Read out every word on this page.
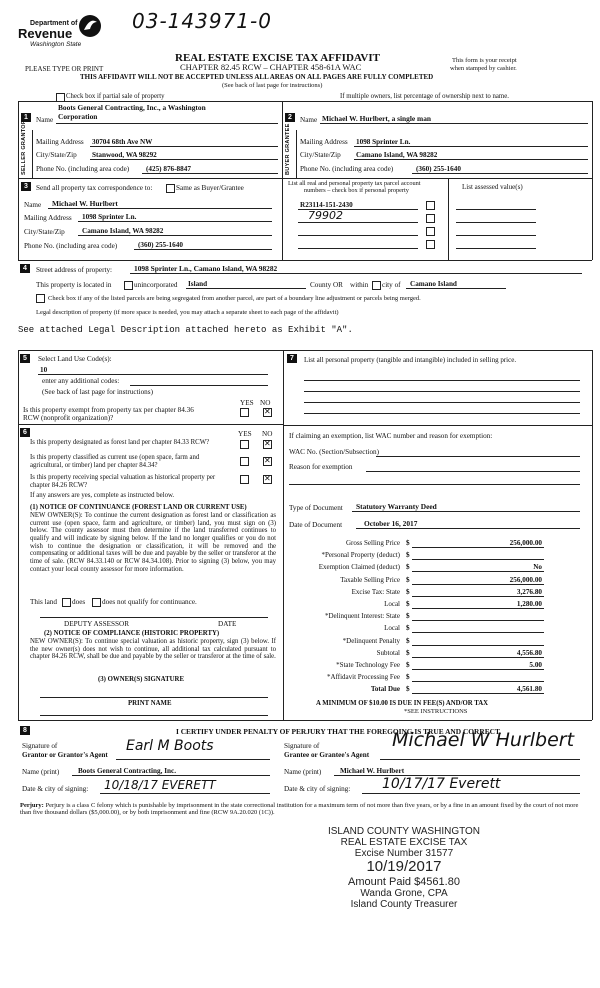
Department of
Revenue
Washington State
03-143971-0
REAL ESTATE EXCISE TAX AFFIDAVIT
CHAPTER 82.45 RCW – CHAPTER 458-61A WAC
PLEASE TYPE OR PRINT
This form is your receipt
when stamped by cashier.
THIS AFFIDAVIT WILL NOT BE ACCEPTED UNLESS ALL AREAS ON ALL PAGES ARE FULLY COMPLETED
(See back of last page for instructions)
Check box if partial sale of property	If multiple owners, list percentage of ownership next to name.
1	Name
Boots General Contracting, Inc., a Washington
Corporation
SELLER GRANTOR Mailing Address 30704 68th Ave NW
City/State/Zip Stanwood, WA 98292
Phone No. (including area code) (425) 876-8847
2	Name Michael W. Hurlbert, a single man
BUYER GRANTEE Mailing Address 1098 Sprinter Ln.
City/State/Zip Camano Island, WA 98282
Phone No. (including area code)	(360) 255-1640
3	Send all property tax correspondence to:	Same as Buyer/Grantee
Name Michael W. Hurlbert
Mailing Address 1098 Sprinter Ln.
City/State/Zip Camano Island, WA 98282
Phone No. (including area code)	(360) 255-1640
List all real and personal property tax parcel account
numbers – check box if personal property	List assessed value(s)
R23114-151-2430
79902
4	Street address of property:	1098 Sprinter Ln., Camano Island, WA 98282
This property is located in	unincorporated Island	County OR within city of Camano Island
Check box if any of the listed parcels are being segregated from another parcel, are part of a boundary line adjustment or parcels being merged.
Legal description of property (if more space is needed, you may attach a separate sheet to each page of the affidavit)
See attached Legal Description attached hereto as Exhibit "A".
5	Select Land Use Code(s):
10
enter any additional codes:
(See back of last page for instructions)
YES NO
Is this property exempt from property tax per chapter 84.36 RCW (nonprofit organization)?
✕
6	YES NO
Is this property designated as forest land per chapter 84.33 RCW?
✕
Is this property classified as current use (open space, farm and agricultural, or timber) land per chapter 84.34?
✕
Is this property receiving special valuation as historical property per chapter 84.26 RCW?
✕
If any answers are yes, complete as instructed below.
(1) NOTICE OF CONTINUANCE (FOREST LAND OR CURRENT USE)
NEW OWNER(S): To continue the current designation as forest land or classification as current use (open space, farm and agriculture, or timber) land, you must sign on (3) below. The county assessor must then determine if the land transferred continues to qualify and will indicate by signing below. If the land no longer qualifies or you do not wish to continue the designation or classification, it will be removed and the compensating or additional taxes will be due and payable by the seller or transferor at the time of sale. (RCW 84.33.140 or RCW 84.34.108). Prior to signing (3) below, you may contact your local county assessor for more information.
This land does does not qualify for continuance.
DEPUTY ASSESSOR	DATE
(2) NOTICE OF COMPLIANCE (HISTORIC PROPERTY)
NEW OWNER(S): To continue special valuation as historic property, sign (3) below. If the new owner(s) does not wish to continue, all additional tax calculated pursuant to chapter 84.26 RCW, shall be due and payable by the seller or transferor at the time of sale.
(3) OWNER(S) SIGNATURE
PRINT NAME
7	List all personal property (tangible and intangible) included in selling price.
If claiming an exemption, list WAC number and reason for exemption:
WAC No. (Section/Subsection)
Reason for exemption
Type of Document Statutory Warranty Deed
Date of Document	October 16, 2017
Gross Selling Price $	256,000.00
*Personal Property (deduct) $
Exemption Claimed (deduct) $	No
Taxable Selling Price $	256,000.00
Excise Tax: State $	3,276.80
Local $	1,280.00
*Delinquent Interest: State $
Local $
*Delinquent Penalty $
Subtotal $	4,556.80
*State Technology Fee $	5.00
*Affidavit Processing Fee $
Total Due $	4,561.80
A MINIMUM OF $10.00 IS DUE IN FEE(S) AND/OR TAX
*SEE INSTRUCTIONS
8	I CERTIFY UNDER PENALTY OF PERJURY THAT THE FOREGOING IS TRUE AND CORRECT.
Signature of
Grantor or Grantor's Agent
Earl M Boots	Signature of
Grantee or Grantee's Agent
Michael W Hurlbert
Name (print)	Boots General Contracting, Inc.	Name (print)	Michael W. Hurlbert
Date & city of signing: 10/18/17 EVERETT	Date & city of signing: 10/17/17 Everett
Perjury: Perjury is a class C felony which is punishable by imprisonment in the state correctional institution for a maximum term of not more than five years, or by a fine in an amount fixed by the court of not more than five thousand dollars ($5,000.00), or by both imprisonment and fine (RCW 9A.20.020 (1C)).
ISLAND COUNTY WASHINGTON
REAL ESTATE EXCISE TAX
Excise Number 31577
10/19/2017
Amount Paid $4561.80
Wanda Grone, CPA
Island County Treasurer
